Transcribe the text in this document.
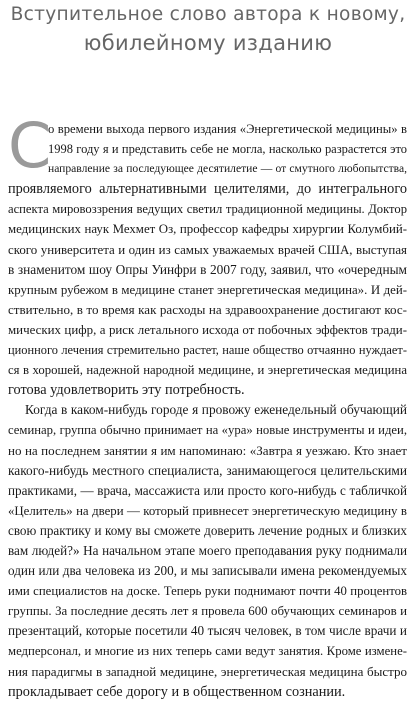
Вступительное слово автора к новому,
юбилейному изданию
С
о времени выхода первого издания «Энергетической медицины» в
1998 году я и представить себе не могла, насколько разрастется это
направление за последующее десятилетие — от смутного любопытства,
проявляемого альтернативными целителями, до интегрального
аспекта мировоззрения ведущих светил традиционной медицины. Доктор
медицинских наук Мехмет Оз, профессор кафедры хирургии Колумбий-
ского университета и один из самых уважаемых врачей США, выступая
в знаменитом шоу Опры Уинфри в 2007 году, заявил, что «очередным
крупным рубежом в медицине станет энергетическая медицина». И дей-
ствительно, в то время как расходы на здравоохранение достигают кос-
мических цифр, а риск летального исхода от побочных эффектов тради-
ционного лечения стремительно растет, наше общество отчаянно нуждает-
ся в хорошей, надежной народной медицине, и энергетическая медицина
готова удовлетворить эту потребность.
Когда в каком-нибудь городе я провожу еженедельный обучающий
семинар, группа обычно принимает на «ура» новые инструменты и идеи,
но на последнем занятии я им напоминаю: «Завтра я уезжаю. Кто знает
какого-нибудь местного специалиста, занимающегося целительскими
практиками, — врача, массажиста или просто кого-нибудь с табличкой
«Целитель» на двери — который привнесет энергетическую медицину в
свою практику и кому вы сможете доверить лечение родных и близких
вам людей?» На начальном этапе моего преподавания руку поднимали
один или два человека из 200, и мы записывали имена рекомендуемых
ими специалистов на доске. Теперь руки поднимают почти 40 процентов
группы. За последние десять лет я провела 600 обучающих семинаров и
презентаций, которые посетили 40 тысяч человек, в том числе врачи и
медперсонал, и многие из них теперь сами ведут занятия. Кроме измене-
ния парадигмы в западной медицине, энергетическая медицина быстро
прокладывает себе дорогу и в общественном сознании.
